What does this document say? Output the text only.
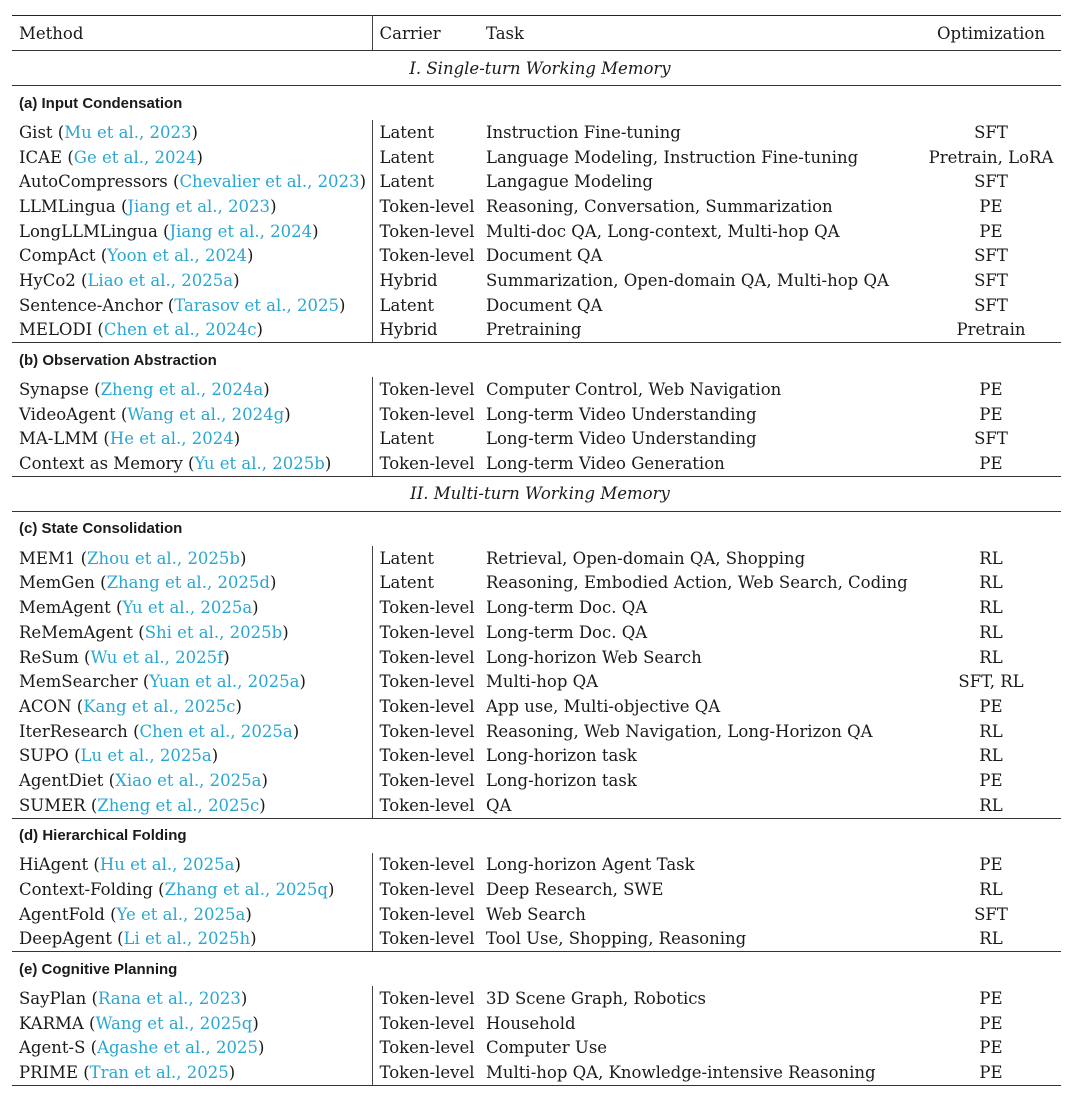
Method	Carrier	Task	Optimization
I. Single-turn Working Memory			
(a) Input Condensation			
Gist (Mu et al., 2023)	Latent	Instruction Fine-tuning	SFT
ICAE (Ge et al., 2024)	Latent	Language Modeling, Instruction Fine-tuning	Pretrain, LoRA
AutoCompressors (Chevalier et al., 2023)	Latent	Langague Modeling	SFT
LLMLingua (Jiang et al., 2023)	Token-level	Reasoning, Conversation, Summarization	PE
LongLLMLingua (Jiang et al., 2024)	Token-level	Multi-doc QA, Long-context, Multi-hop QA	PE
CompAct (Yoon et al., 2024)	Token-level	Document QA	SFT
HyCo2 (Liao et al., 2025a)	Hybrid	Summarization, Open-domain QA, Multi-hop QA	SFT
Sentence-Anchor (Tarasov et al., 2025)	Latent	Document QA	SFT
MELODI (Chen et al., 2024c)	Hybrid	Pretraining	Pretrain
(b) Observation Abstraction			
Synapse (Zheng et al., 2024a)	Token-level	Computer Control, Web Navigation	PE
VideoAgent (Wang et al., 2024g)	Token-level	Long-term Video Understanding	PE
MA-LMM (He et al., 2024)	Latent	Long-term Video Understanding	SFT
Context as Memory (Yu et al., 2025b)	Token-level	Long-term Video Generation	PE
II. Multi-turn Working Memory			
(c) State Consolidation			
MEM1 (Zhou et al., 2025b)	Latent	Retrieval, Open-domain QA, Shopping	RL
MemGen (Zhang et al., 2025d)	Latent	Reasoning, Embodied Action, Web Search, Coding	RL
MemAgent (Yu et al., 2025a)	Token-level	Long-term Doc. QA	RL
ReMemAgent (Shi et al., 2025b)	Token-level	Long-term Doc. QA	RL
ReSum (Wu et al., 2025f)	Token-level	Long-horizon Web Search	RL
MemSearcher (Yuan et al., 2025a)	Token-level	Multi-hop QA	SFT, RL
ACON (Kang et al., 2025c)	Token-level	App use, Multi-objective QA	PE
IterResearch (Chen et al., 2025a)	Token-level	Reasoning, Web Navigation, Long-Horizon QA	RL
SUPO (Lu et al., 2025a)	Token-level	Long-horizon task	RL
AgentDiet (Xiao et al., 2025a)	Token-level	Long-horizon task	PE
SUMER (Zheng et al., 2025c)	Token-level	QA	RL
(d) Hierarchical Folding			
HiAgent (Hu et al., 2025a)	Token-level	Long-horizon Agent Task	PE
Context-Folding (Zhang et al., 2025q)	Token-level	Deep Research, SWE	RL
AgentFold (Ye et al., 2025a)	Token-level	Web Search	SFT
DeepAgent (Li et al., 2025h)	Token-level	Tool Use, Shopping, Reasoning	RL
(e) Cognitive Planning			
SayPlan (Rana et al., 2023)	Token-level	3D Scene Graph, Robotics	PE
KARMA (Wang et al., 2025q)	Token-level	Household	PE
Agent-S (Agashe et al., 2025)	Token-level	Computer Use	PE
PRIME (Tran et al., 2025)	Token-level	Multi-hop QA, Knowledge-intensive Reasoning	PE
